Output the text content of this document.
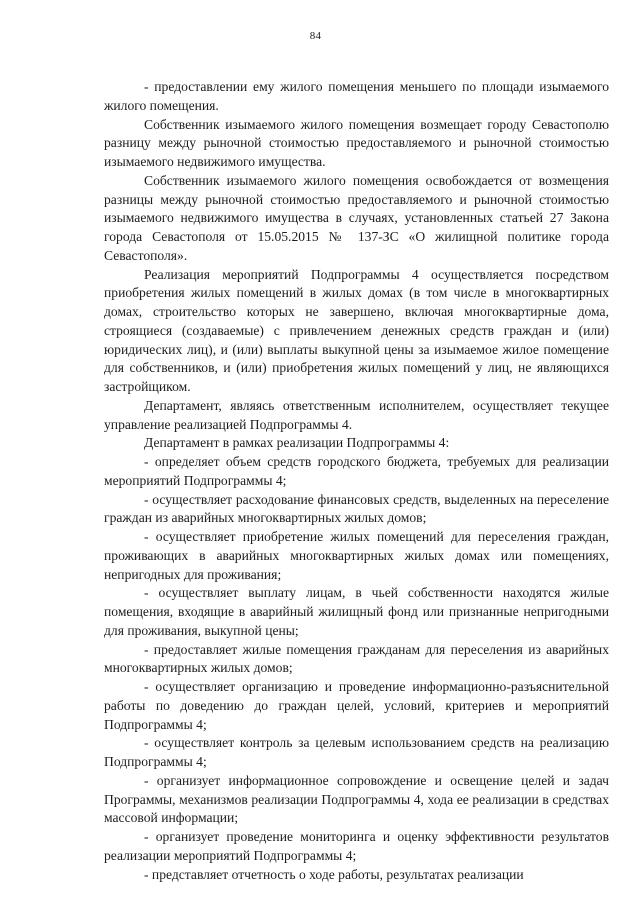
84

- предоставлении ему жилого помещения меньшего по площади изымаемого жилого помещения.

Собственник изымаемого жилого помещения возмещает городу Севастополю разницу между рыночной стоимостью предоставляемого и рыночной стоимостью изымаемого недвижимого имущества.

Собственник изымаемого жилого помещения освобождается от возмещения разницы между рыночной стоимостью предоставляемого и рыночной стоимостью изымаемого недвижимого имущества в случаях, установленных статьей 27 Закона города Севастополя от 15.05.2015 № 137-ЗС «О жилищной политике города Севастополя».

Реализация мероприятий Подпрограммы 4 осуществляется посредством приобретения жилых помещений в жилых домах (в том числе в многоквартирных домах, строительство которых не завершено, включая многоквартирные дома, строящиеся (создаваемые) с привлечением денежных средств граждан и (или) юридических лиц), и (или) выплаты выкупной цены за изымаемое жилое помещение для собственников, и (или) приобретения жилых помещений у лиц, не являющихся застройщиком.

Департамент, являясь ответственным исполнителем, осуществляет текущее управление реализацией Подпрограммы 4.

Департамент в рамках реализации Подпрограммы 4:

- определяет объем средств городского бюджета, требуемых для реализации мероприятий Подпрограммы 4;

- осуществляет расходование финансовых средств, выделенных на переселение граждан из аварийных многоквартирных жилых домов;

- осуществляет приобретение жилых помещений для переселения граждан, проживающих в аварийных многоквартирных жилых домах или помещениях, непригодных для проживания;

- осуществляет выплату лицам, в чьей собственности находятся жилые помещения, входящие в аварийный жилищный фонд или признанные непригодными для проживания, выкупной цены;

- предоставляет жилые помещения гражданам для переселения из аварийных многоквартирных жилых домов;

- осуществляет организацию и проведение информационно-разъяснительной работы по доведению до граждан целей, условий, критериев и мероприятий Подпрограммы 4;

- осуществляет контроль за целевым использованием средств на реализацию Подпрограммы 4;

- организует информационное сопровождение и освещение целей и задач Программы, механизмов реализации Подпрограммы 4, хода ее реализации в средствах массовой информации;

- организует проведение мониторинга и оценку эффективности результатов реализации мероприятий Подпрограммы 4;

- представляет отчетность о ходе работы, результатах реализации
